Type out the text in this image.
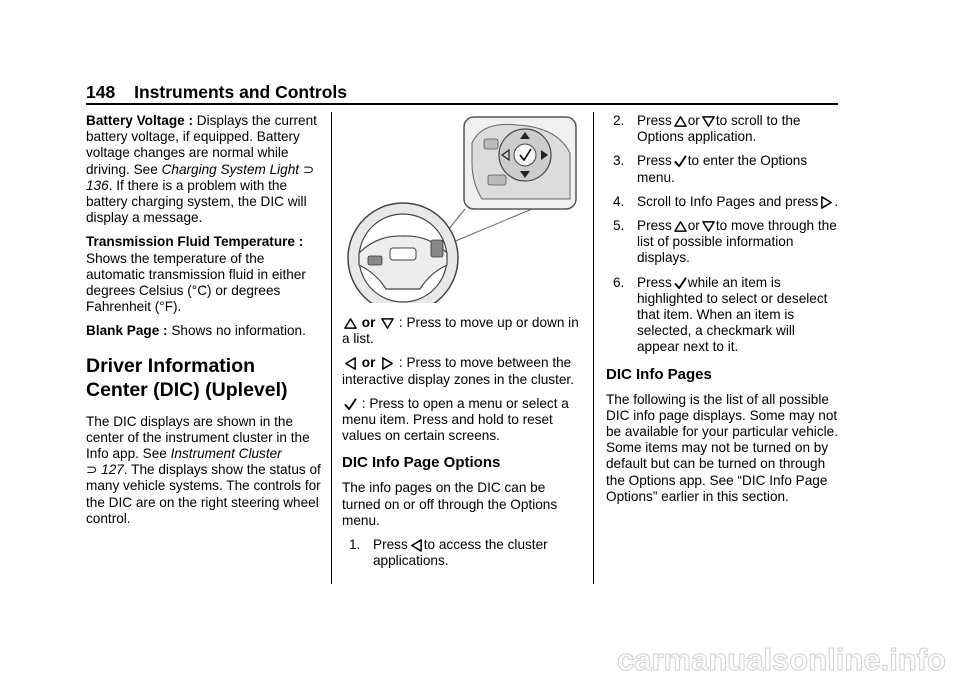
148 Instruments and Controls

Battery Voltage : Displays the current battery voltage, if equipped. Battery voltage changes are normal while driving. See Charging System Light ⊃ 136. If there is a problem with the battery charging system, the DIC will display a message.

Transmission Fluid Temperature : Shows the temperature of the automatic transmission fluid in either degrees Celsius (°C) or degrees Fahrenheit (°F).

Blank Page : Shows no information.

Driver Information Center (DIC) (Uplevel)

The DIC displays are shown in the center of the instrument cluster in the Info app. See Instrument Cluster
⊃ 127. The displays show the status of many vehicle systems. The controls for the DIC are on the right steering wheel control.

or  : Press to move up or down in a list.

or  : Press to move between the interactive display zones in the cluster.

: Press to open a menu or select a menu item. Press and hold to reset values on certain screens.

DIC Info Page Options

The info pages on the DIC can be turned on or off through the Options menu.

1. Press to access the cluster applications.
2. Press or to scroll to the Options application.
3. Press to enter the Options menu.
4. Scroll to Info Pages and press .
5. Press or to move through the list of possible information displays.
6. Press while an item is highlighted to select or deselect that item. When an item is selected, a checkmark will appear next to it.
DIC Info Pages

The following is the list of all possible DIC info page displays. Some may not be available for your particular vehicle. Some items may not be turned on by default but can be turned on through the Options app. See “DIC Info Page Options” earlier in this section.

carmanualsonline.info
